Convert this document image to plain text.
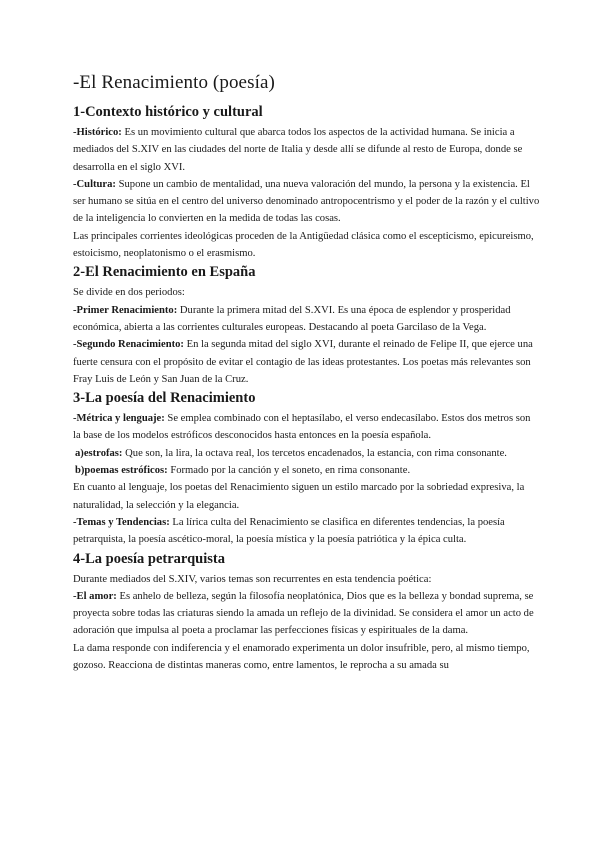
-El Renacimiento (poesía)
1-Contexto histórico y cultural

-Histórico: Es un movimiento cultural que abarca todos los aspectos de la actividad humana. Se inicia a mediados del S.XIV en las ciudades del norte de Italia y desde allí se difunde al resto de Europa, donde se desarrolla en el siglo XVI.

-Cultura: Supone un cambio de mentalidad, una nueva valoración del mundo, la persona y la existencia. El ser humano se sitúa en el centro del universo denominado antropocentrismo y el poder de la razón y el cultivo de la inteligencia lo convierten en la medida de todas las cosas.

Las principales corrientes ideológicas proceden de la Antigüedad clásica como el escepticismo, epicureismo, estoicismo, neoplatonismo o el erasmismo.

2-El Renacimiento en España

Se divide en dos periodos:

-Primer Renacimiento: Durante la primera mitad del S.XVI. Es una época de esplendor y prosperidad económica, abierta a las corrientes culturales europeas. Destacando al poeta Garcilaso de la Vega.

-Segundo Renacimiento: En la segunda mitad del siglo XVI, durante el reinado de Felipe II, que ejerce una fuerte censura con el propósito de evitar el contagio de las ideas protestantes. Los poetas más relevantes son Fray Luis de León y San Juan de la Cruz.

3-La poesía del Renacimiento

-Métrica y lenguaje: Se emplea combinado con el heptasílabo, el verso endecasílabo. Estos dos metros son la base de los modelos estróficos desconocidos hasta entonces en la poesía española.

a)estrofas: Que son, la lira, la octava real, los tercetos encadenados, la estancia, con rima consonante.

b)poemas estróficos: Formado por la canción y el soneto, en rima consonante.

En cuanto al lenguaje, los poetas del Renacimiento siguen un estilo marcado por la sobriedad expresiva, la naturalidad, la selección y la elegancia.

-Temas y Tendencias: La lírica culta del Renacimiento se clasifica en diferentes tendencias, la poesía petrarquista, la poesía ascético-moral, la poesía mística y la poesía patriótica y la épica culta.

4-La poesía petrarquista

Durante mediados del S.XIV, varios temas son recurrentes en esta tendencia poética:

-El amor: Es anhelo de belleza, según la filosofía neoplatónica, Dios que es la belleza y bondad suprema, se proyecta sobre todas las criaturas siendo la amada un reflejo de la divinidad. Se considera el amor un acto de adoración que impulsa al poeta a proclamar las perfecciones físicas y espirituales de la dama.

La dama responde con indiferencia y el enamorado experimenta un dolor insufrible, pero, al mismo tiempo, gozoso. Reacciona de distintas maneras como, entre lamentos, le reprocha a su amada su
